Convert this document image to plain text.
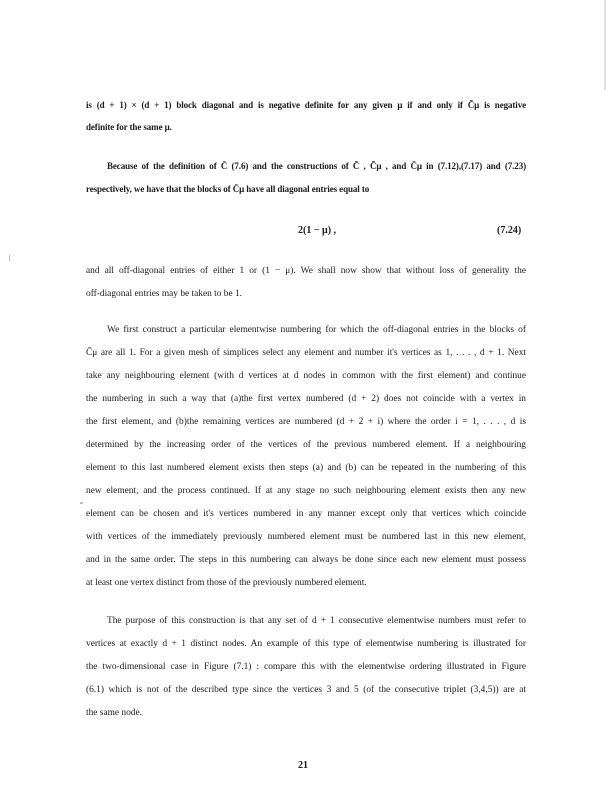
is (d + 1) × (d + 1) block diagonal and is negative definite for any given μ if and only if C̃μ is negative
definite for the same μ.
Because of the definition of C̄ (7.6) and the constructions of C̃ , C̃μ , and C̄μ in (7.12),(7.17) and (7.23)
respectively, we have that the blocks of C̄μ have all diagonal entries equal to
2(1 − μ) ,	(7.24)
and all off-diagonal entries of either 1 or (1 − μ). We shall now show that without loss of generality the
off-diagonal entries may be taken to be 1.
We first construct a particular elementwise numbering for which the off-diagonal entries in the blocks of
C̄μ are all 1. For a given mesh of simplices select any element and number it's vertices as 1, . . . , d + 1. Next
take any neighbouring element (with d vertices at d nodes in common with the first element) and continue
the numbering in such a way that (a)the first vertex numbered (d + 2) does not coincide with a vertex in
the first element, and (b)the remaining vertices are numbered (d + 2 + i) where the order i = 1, . . . , d is
determined by the increasing order of the vertices of the previous numbered element. If a neighbouring
element to this last numbered element exists then steps (a) and (b) can be repeated in the numbering of this
new element, and the process continued. If at any stage no such neighbouring element exists then any new
element can be chosen and it's vertices numbered in any manner except only that vertices which coincide
with vertices of the immediately previously numbered element must be numbered last in this new element,
and in the same order. The steps in this numbering can always be done since each new element must possess
at least one vertex distinct from those of the previously numbered element.
The purpose of this construction is that any set of d + 1 consecutive elementwise numbers must refer to
vertices at exactly d + 1 distinct nodes. An example of this type of elementwise numbering is illustrated for
the two-dimensional case in Figure (7.1) : compare this with the elementwise ordering illustrated in Figure
(6.1) which is not of the described type since the vertices 3 and 5 (of the consecutive triplet (3,4,5)) are at
the same node.
21
